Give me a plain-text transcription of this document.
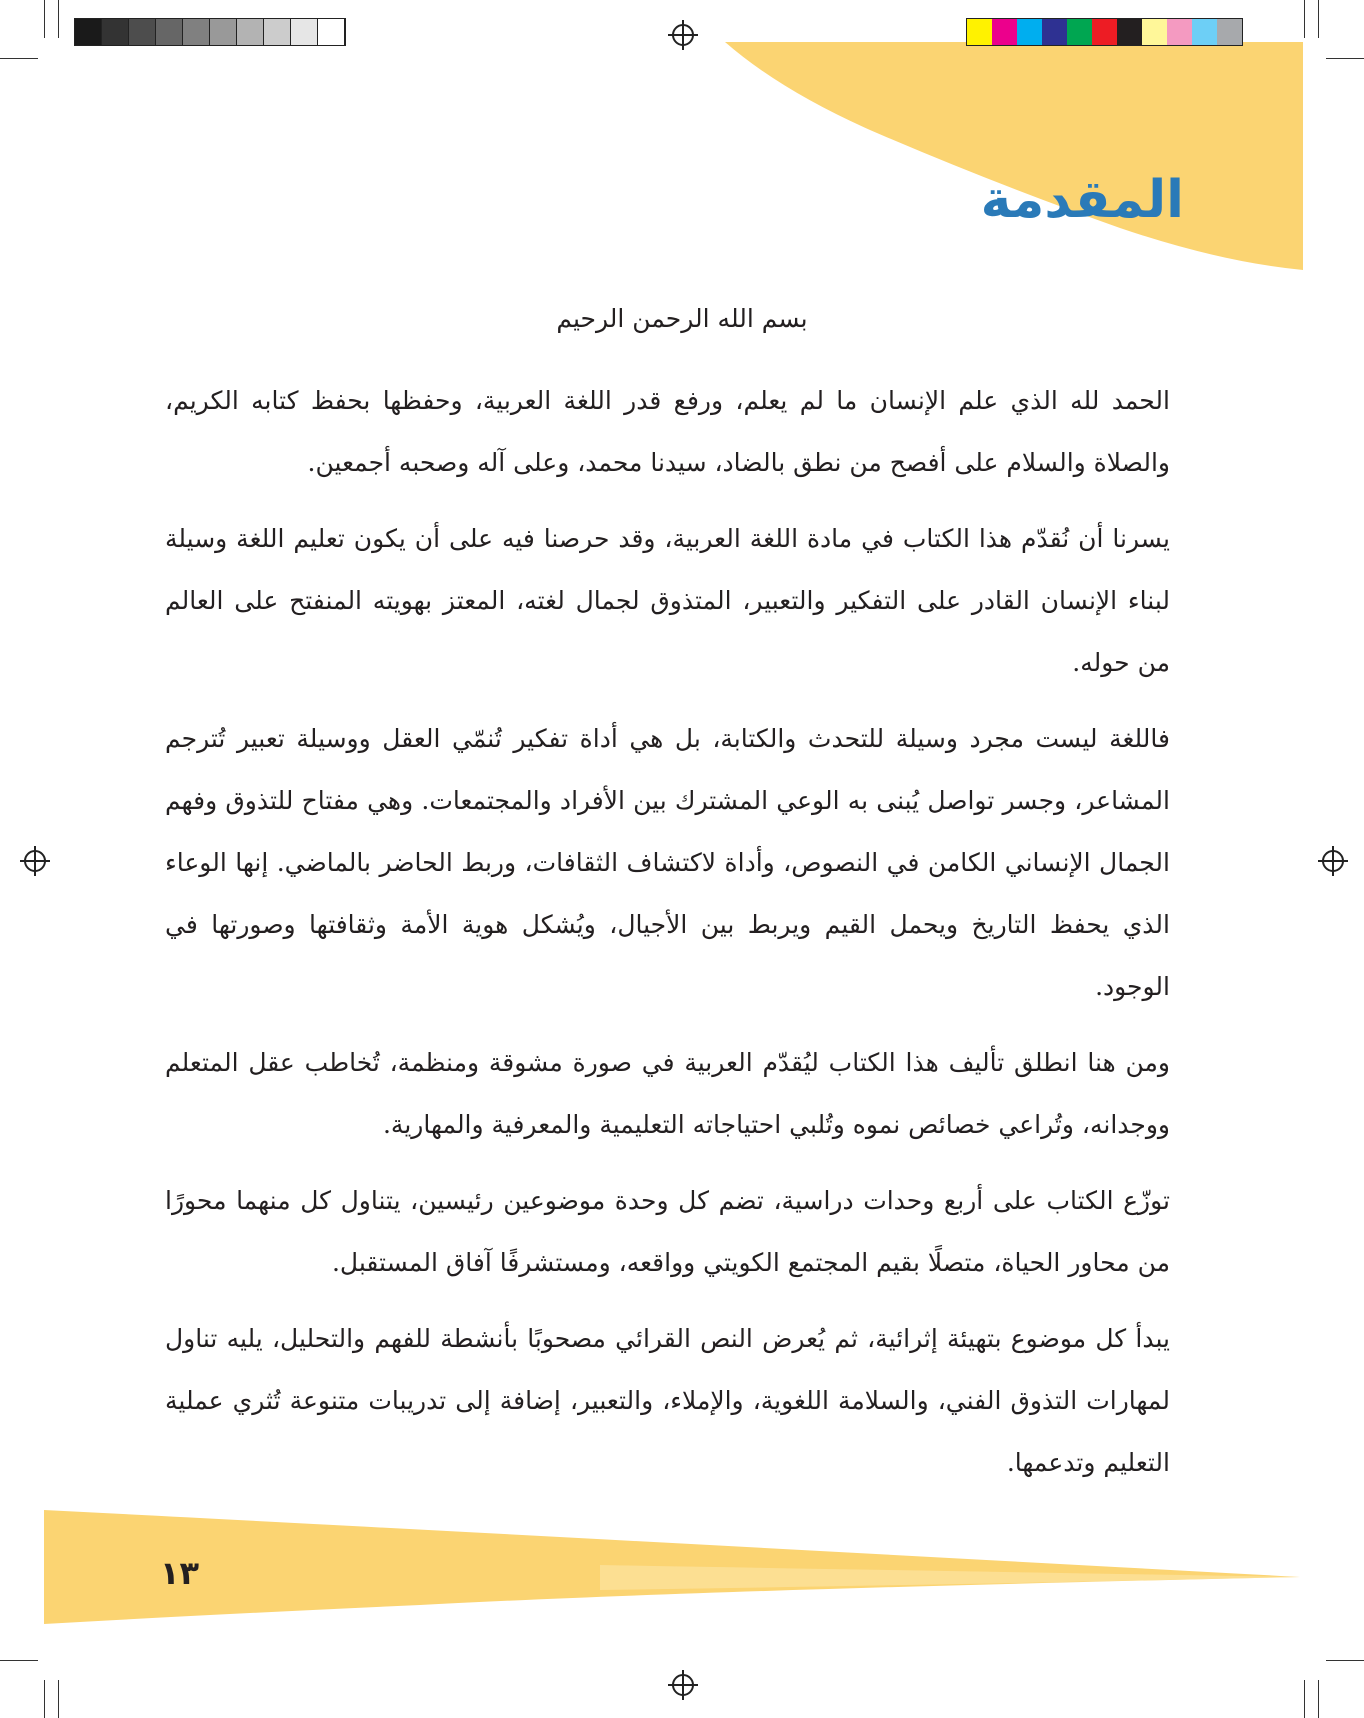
المقدمة
بسم الله الرحمن الرحيم

الحمد لله الذي علم الإنسان ما لم يعلم، ورفع قدر اللغة العربية، وحفظها بحفظ كتابه الكريم، والصلاة والسلام على أفصح من نطق بالضاد، سيدنا محمد، وعلى آله وصحبه أجمعين.

يسرنا أن نُقدّم هذا الكتاب في مادة اللغة العربية، وقد حرصنا فيه على أن يكون تعليم اللغة وسيلة لبناء الإنسان القادر على التفكير والتعبير، المتذوق لجمال لغته، المعتز بهويته المنفتح على العالم من حوله.

فاللغة ليست مجرد وسيلة للتحدث والكتابة، بل هي أداة تفكير تُنمّي العقل ووسيلة تعبير تُترجم المشاعر، وجسر تواصل يُبنى به الوعي المشترك بين الأفراد والمجتمعات. وهي مفتاح للتذوق وفهم الجمال الإنساني الكامن في النصوص، وأداة لاكتشاف الثقافات، وربط الحاضر بالماضي. إنها الوعاء الذي يحفظ التاريخ ويحمل القيم ويربط بين الأجيال، ويُشكل هوية الأمة وثقافتها وصورتها في الوجود.

ومن هنا انطلق تأليف هذا الكتاب ليُقدّم العربية في صورة مشوقة ومنظمة، تُخاطب عقل المتعلم ووجدانه، وتُراعي خصائص نموه وتُلبي احتياجاته التعليمية والمعرفية والمهارية.

توزّع الكتاب على أربع وحدات دراسية، تضم كل وحدة موضوعين رئيسين، يتناول كل منهما محورًا من محاور الحياة، متصلًا بقيم المجتمع الكويتي وواقعه، ومستشرفًا آفاق المستقبل.

يبدأ كل موضوع بتهيئة إثرائية، ثم يُعرض النص القرائي مصحوبًا بأنشطة للفهم والتحليل، يليه تناول لمهارات التذوق الفني، والسلامة اللغوية، والإملاء، والتعبير، إضافة إلى تدريبات متنوعة تُثري عملية التعليم وتدعمها.

١٣
